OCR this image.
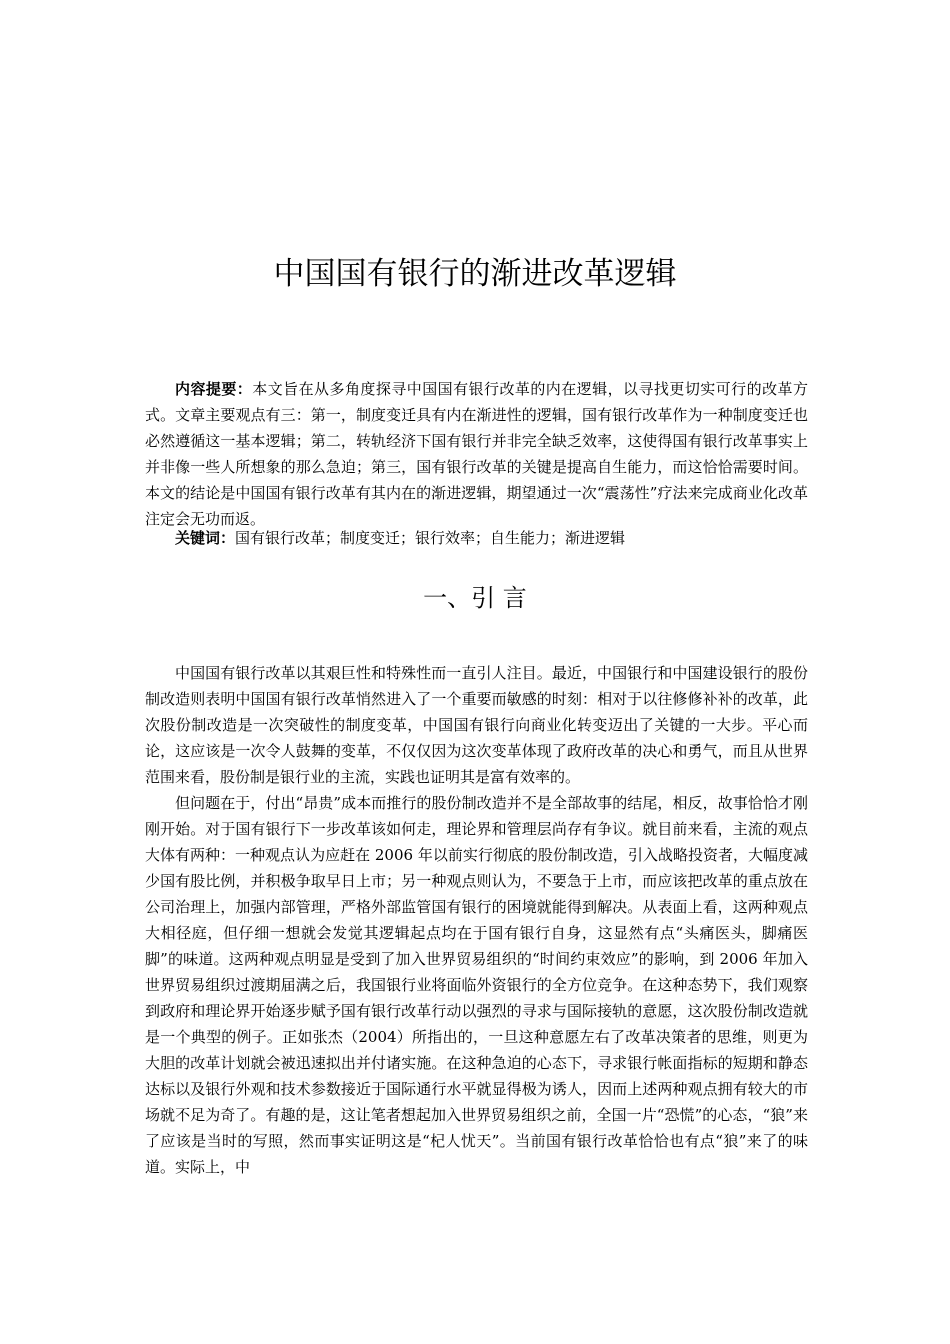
中国国有银行的渐进改革逻辑

内容提要：本文旨在从多角度探寻中国国有银行改革的内在逻辑，以寻找更切实可行的改革方式。文章主要观点有三：第一，制度变迁具有内在渐进性的逻辑，国有银行改革作为一种制度变迁也必然遵循这一基本逻辑；第二，转轨经济下国有银行并非完全缺乏效率，这使得国有银行改革事实上并非像一些人所想象的那么急迫；第三，国有银行改革的关键是提高自生能力，而这恰恰需要时间。本文的结论是中国国有银行改革有其内在的渐进逻辑，期望通过一次“震荡性”疗法来完成商业化改革注定会无功而返。

关键词：国有银行改革；制度变迁；银行效率；自生能力；渐进逻辑

一、引 言

中国国有银行改革以其艰巨性和特殊性而一直引人注目。最近，中国银行和中国建设银行的股份制改造则表明中国国有银行改革悄然进入了一个重要而敏感的时刻：相对于以往修修补补的改革，此次股份制改造是一次突破性的制度变革，中国国有银行向商业化转变迈出了关键的一大步。平心而论，这应该是一次令人鼓舞的变革，不仅仅因为这次变革体现了政府改革的决心和勇气，而且从世界范围来看，股份制是银行业的主流，实践也证明其是富有效率的。

但问题在于，付出“昂贵”成本而推行的股份制改造并不是全部故事的结尾，相反，故事恰恰才刚刚开始。对于国有银行下一步改革该如何走，理论界和管理层尚存有争议。就目前来看，主流的观点大体有两种：一种观点认为应赶在 2006 年以前实行彻底的股份制改造，引入战略投资者，大幅度减少国有股比例，并积极争取早日上市；另一种观点则认为，不要急于上市，而应该把改革的重点放在公司治理上，加强内部管理，严格外部监管国有银行的困境就能得到解决。从表面上看，这两种观点大相径庭，但仔细一想就会发觉其逻辑起点均在于国有银行自身，这显然有点“头痛医头，脚痛医脚”的味道。这两种观点明显是受到了加入世界贸易组织的“时间约束效应”的影响，到 2006 年加入世界贸易组织过渡期届满之后，我国银行业将面临外资银行的全方位竞争。在这种态势下，我们观察到政府和理论界开始逐步赋予国有银行改革行动以强烈的寻求与国际接轨的意愿，这次股份制改造就是一个典型的例子。正如张杰（2004）所指出的，一旦这种意愿左右了改革决策者的思维，则更为大胆的改革计划就会被迅速拟出并付诸实施。在这种急迫的心态下，寻求银行帐面指标的短期和静态达标以及银行外观和技术参数接近于国际通行水平就显得极为诱人，因而上述两种观点拥有较大的市场就不足为奇了。有趣的是，这让笔者想起加入世界贸易组织之前，全国一片“恐慌”的心态，“狼”来了应该是当时的写照，然而事实证明这是“杞人忧天”。当前国有银行改革恰恰也有点“狼”来了的味道。实际上，中
